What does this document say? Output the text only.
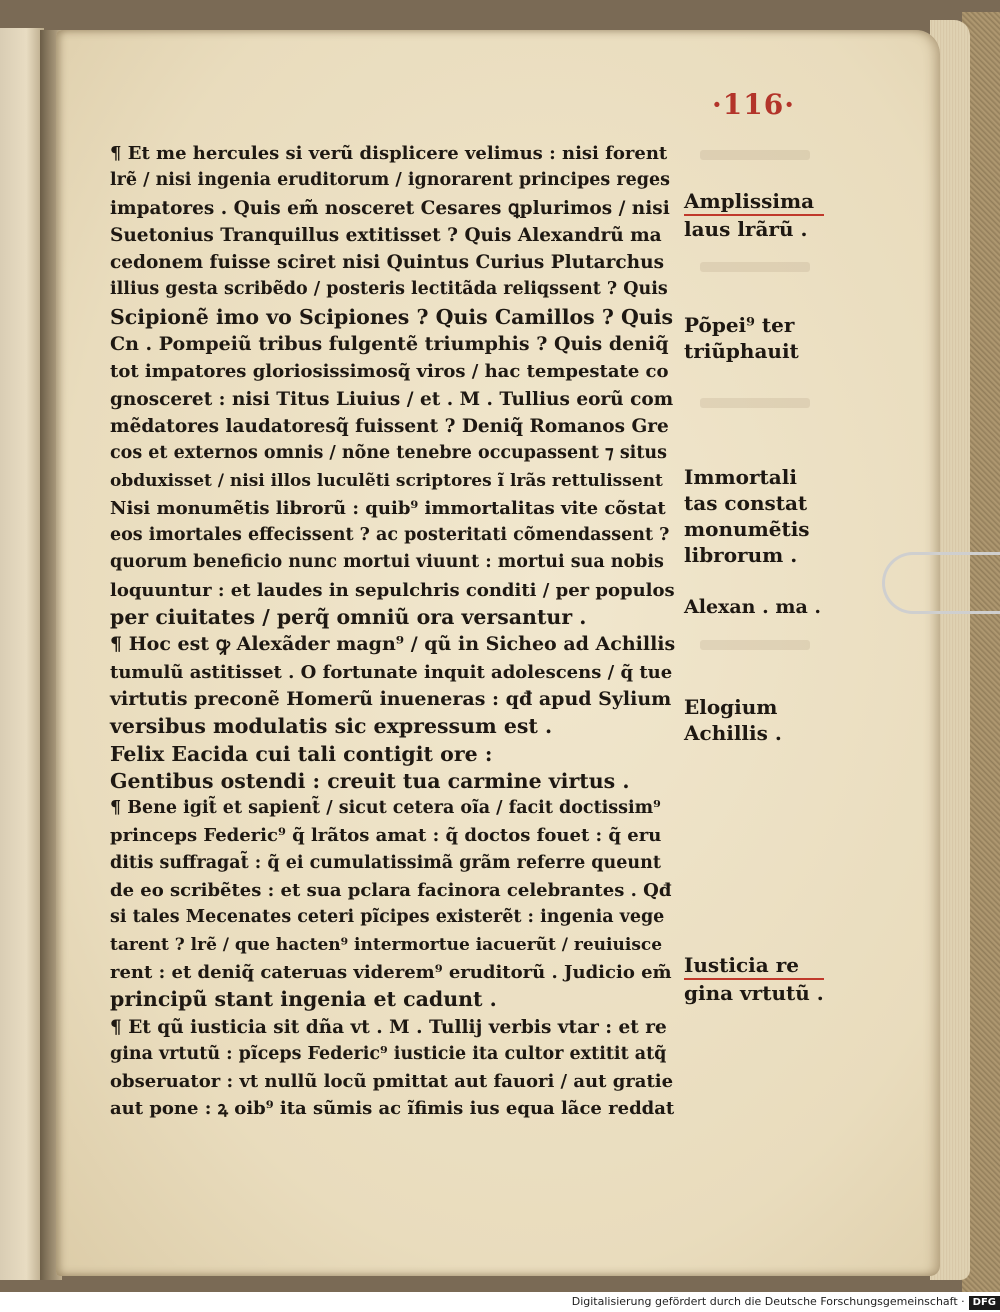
·116·
¶ Et me hercules si verũ displicere velimus : nisi forent
lrẽ / nisi ingenia eruditorum / ignorarent principes reges
impatores . Quis em̃ nosceret Cesares ꝗplurimos / nisi
Suetonius Tranquillus extitisset ? Quis Alexandrũ ma
cedonem fuisse sciret nisi Quintus Curius Plutarchus
illius gesta scribẽdo / posteris lectitãda reliqssent ? Quis
Scipionẽ imo vo Scipiones ? Quis Camillos ? Quis
Cn . Pompeiũ tribus fulgentẽ triumphis ? Quis deniq̃
tot impatores gloriosissimosq̃ viros / hac tempestate co
gnosceret : nisi Titus Liuius / et . M . Tullius eorũ com
mẽdatores laudatoresq̃ fuissent ? Deniq̃ Romanos Gre
cos et externos omnis / nõne tenebre occupassent ⁊ situs
obduxisset / nisi illos luculẽti scriptores ĩ lrãs rettulissent
Nisi monumẽtis librorũ : quib⁹ immortalitas vite cõstat
eos imortales effecissent ? ac posteritati cõmendassent ?
quorum beneficio nunc mortui viuunt : mortui sua nobis
loquuntur : et laudes in sepulchris conditi / per populos
per ciuitates / perq̃ omniũ ora versantur .
¶ Hoc est ꝙ Alexãder magn⁹ / qũ in Sicheo ad Achillis
tumulũ astitisset . O fortunate inquit adolescens / q̃ tue
virtutis preconẽ Homerũ inueneras : qđ apud Sylium
versibus modulatis sic expressum est .
Felix Eacida cui tali contigit ore :
Gentibus ostendi : creuit tua carmine virtus .
¶ Bene igit̃ et sapient̃ / sicut cetera oĩa / facit doctissim⁹
princeps Federic⁹ q̃ lrãtos amat : q̃ doctos fouet : q̃ eru
ditis suffragat̃ : q̃ ei cumulatissimã grãm referre queunt
de eo scribẽtes : et sua pclara facinora celebrantes . Qđ
si tales Mecenates ceteri pĩcipes existerẽt : ingenia vege
tarent ? lrẽ / que hacten⁹ intermortue iacuerũt / reuiuisce
rent : et deniq̃ cateruas viderem⁹ eruditorũ . Judicio em̃
principũ stant ingenia et cadunt .
¶ Et qũ iusticia sit dña vt . M . Tullij verbis vtar : et re
gina vrtutũ : pĩceps Federic⁹ iusticie ita cultor extitit atq̃
obseruator : vt nullũ locũ pmittat aut fauori / aut gratie
aut pone : ꝝ oib⁹ ita sũmis ac ĩfimis ius equa lãce reddat
Amplissima
laus lrãrũ .
Põpei⁹ ter
triũphauit
Immortali
tas constat
monumẽtis
librorum .
Alexan . ma .
Elogium
Achillis .
Iusticia re
gina vrtutũ .
Digitalisierung gefördert durch die Deutsche Forschungsgemeinschaft · DFG
